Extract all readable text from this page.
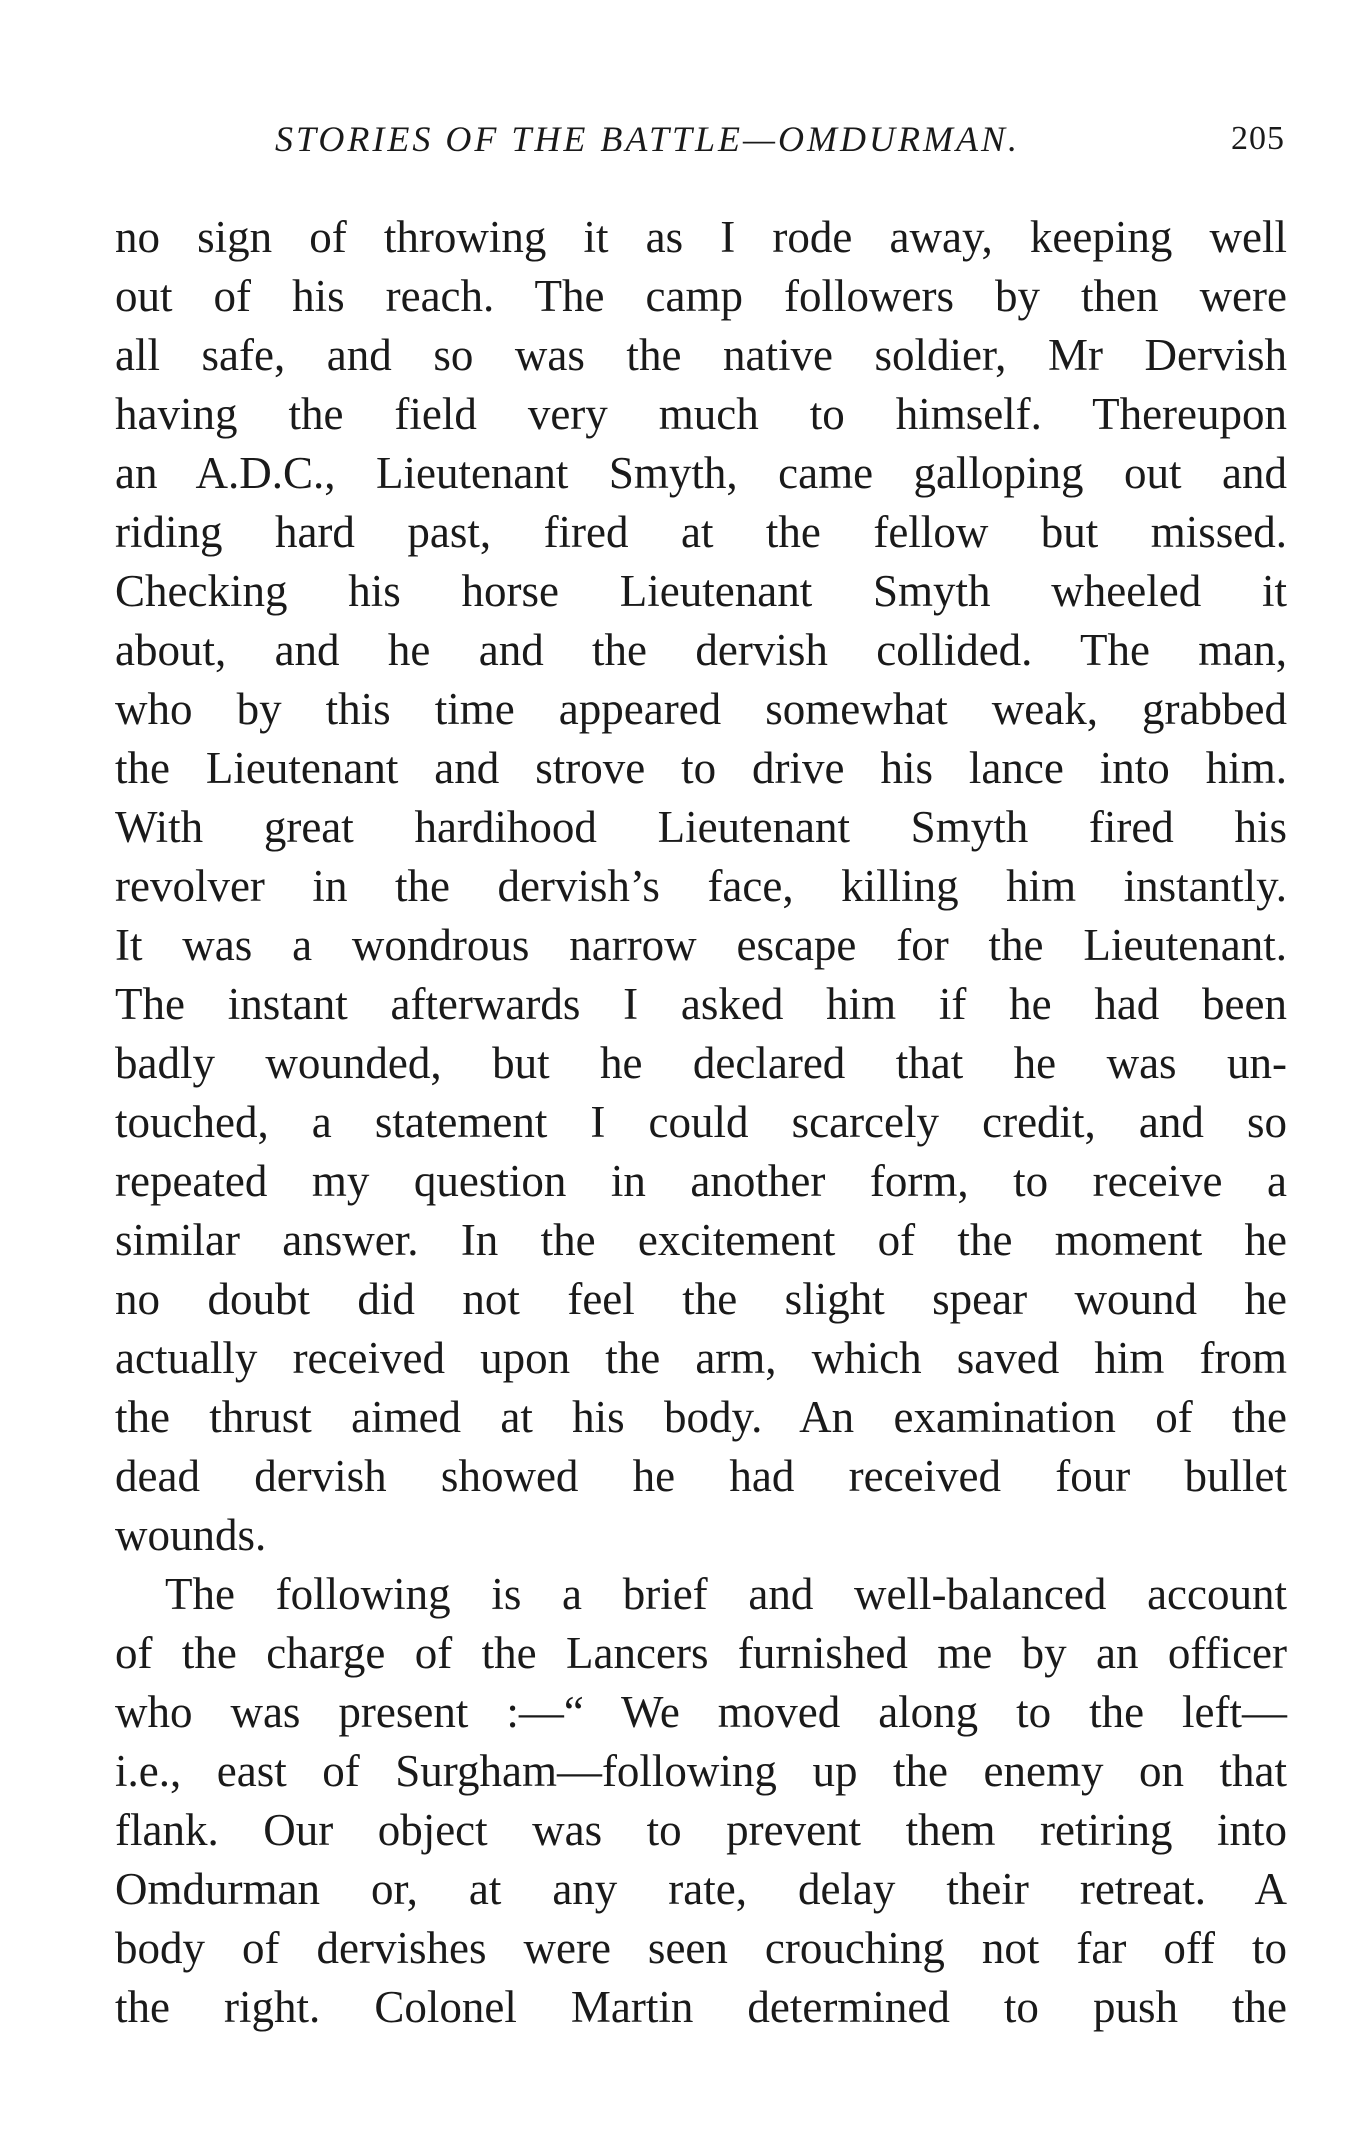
STORIES OF THE BATTLE—OMDURMAN.	205
no sign of throwing it as I rode away, keeping well
out of his reach. The camp followers by then were
all safe, and so was the native soldier, Mr Dervish
having the field very much to himself. Thereupon
an A.D.C., Lieutenant Smyth, came galloping out and
riding hard past, fired at the fellow but missed.
Checking his horse Lieutenant Smyth wheeled it
about, and he and the dervish collided. The man,
who by this time appeared somewhat weak, grabbed
the Lieutenant and strove to drive his lance into him.
With great hardihood Lieutenant Smyth fired his
revolver in the dervish’s face, killing him instantly.
It was a wondrous narrow escape for the Lieutenant.
The instant afterwards I asked him if he had been
badly wounded, but he declared that he was un-
touched, a statement I could scarcely credit, and so
repeated my question in another form, to receive a
similar answer. In the excitement of the moment he
no doubt did not feel the slight spear wound he
actually received upon the arm, which saved him from
the thrust aimed at his body. An examination of the
dead dervish showed he had received four bullet
wounds.
The following is a brief and well-balanced account
of the charge of the Lancers furnished me by an officer
who was present :—“ We moved along to the left—
i.e., east of Surgham—following up the enemy on that
flank. Our object was to prevent them retiring into
Omdurman or, at any rate, delay their retreat. A
body of dervishes were seen crouching not far off to
the right. Colonel Martin determined to push the
